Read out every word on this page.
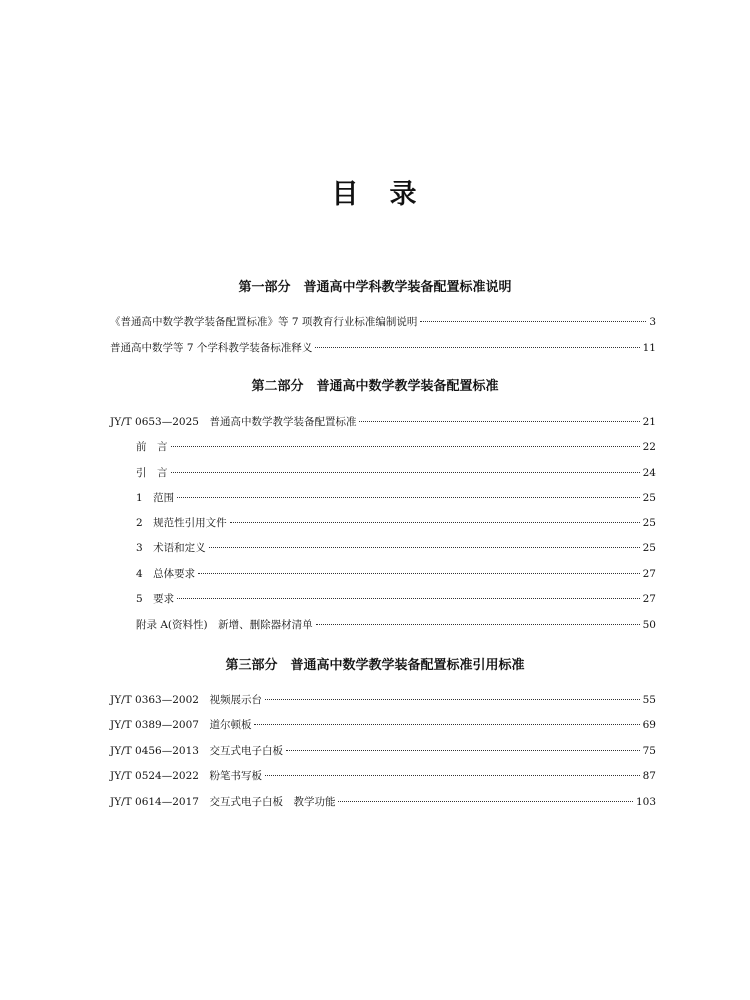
目　录
第一部分　普通高中学科教学装备配置标准说明
《普通高中数学教学装备配置标准》等 7 项教育行业标准编制说明	3
普通高中数学等 7 个学科教学装备标准释义	11
第二部分　普通高中数学教学装备配置标准
JY/T 0653—2025　普通高中数学教学装备配置标准	21
前　言	22
引　言	24
1　范围	25
2　规范性引用文件	25
3　术语和定义	25
4　总体要求	27
5　要求	27
附录 A(资料性)　新增、删除器材清单	50
第三部分　普通高中数学教学装备配置标准引用标准
JY/T 0363—2002　视频展示台	55
JY/T 0389—2007　道尔顿板	69
JY/T 0456—2013　交互式电子白板	75
JY/T 0524—2022　粉笔书写板	87
JY/T 0614—2017　交互式电子白板　教学功能	103
